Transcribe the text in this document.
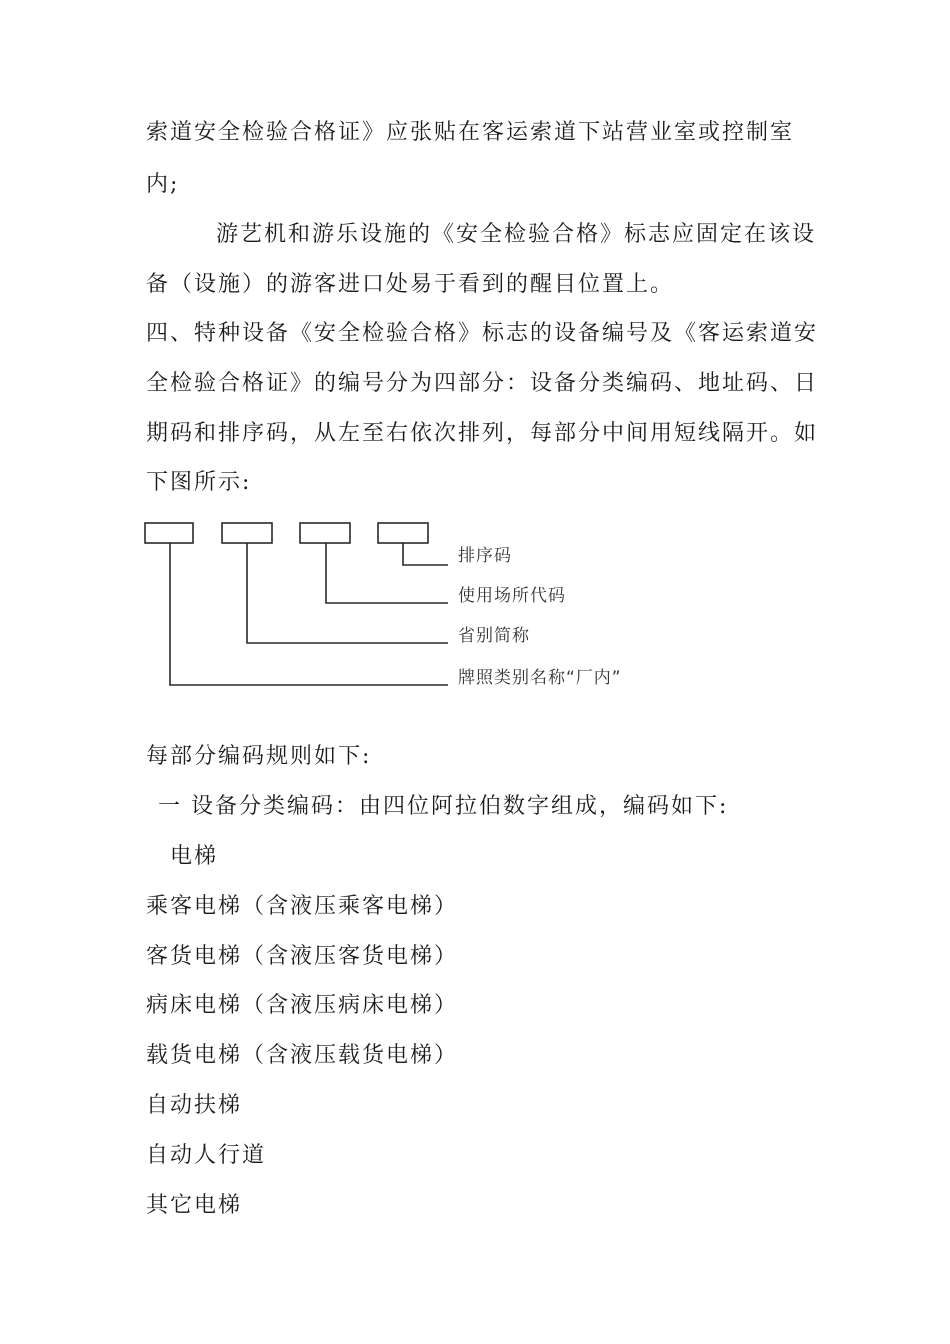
索道安全检验合格证》应张贴在客运索道下站营业室或控制室
内;
游艺机和游乐设施的《安全检验合格》标志应固定在该设
备（设施）的游客进口处易于看到的醒目位置上。
四、特种设备《安全检验合格》标志的设备编号及《客运索道安
全检验合格证》的编号分为四部分：设备分类编码、地址码、日
期码和排序码，从左至右依次排列，每部分中间用短线隔开。如
下图所示:
排序码
使用场所代码
省别简称
牌照类别名称“厂内”
每部分编码规则如下:
一 设备分类编码：由四位阿拉伯数字组成，编码如下:
电梯
乘客电梯（含液压乘客电梯）
客货电梯（含液压客货电梯）
病床电梯（含液压病床电梯）
载货电梯（含液压载货电梯）
自动扶梯
自动人行道
其它电梯
